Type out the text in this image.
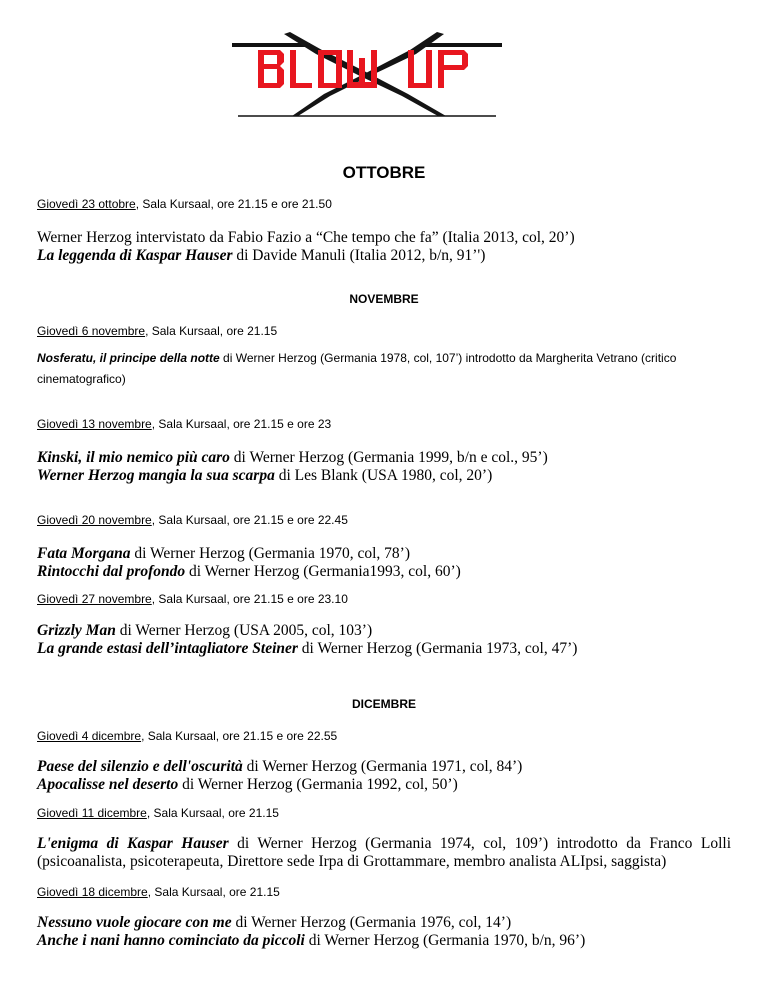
OTTOBRE
Giovedì 23 ottobre, Sala Kursaal, ore 21.15 e ore 21.50
Werner Herzog intervistato da Fabio Fazio a “Che tempo che fa” (Italia 2013, col, 20’)
La leggenda di Kaspar Hauser di Davide Manuli (Italia 2012, b/n, 91’')
NOVEMBRE
Giovedì 6 novembre, Sala Kursaal, ore 21.15
Nosferatu, il principe della notte di Werner Herzog (Germania 1978, col, 107’) introdotto da Margherita Vetrano (critico cinematografico)
Giovedì 13 novembre, Sala Kursaal, ore 21.15 e ore 23
Kinski, il mio nemico più caro di Werner Herzog (Germania 1999, b/n e col., 95’)
Werner Herzog mangia la sua scarpa di Les Blank (USA 1980, col, 20’)
Giovedì 20 novembre, Sala Kursaal, ore 21.15 e ore 22.45
Fata Morgana di Werner Herzog (Germania 1970, col, 78’)
Rintocchi dal profondo di Werner Herzog (Germania1993, col, 60’)
Giovedì 27 novembre, Sala Kursaal, ore 21.15 e ore 23.10
Grizzly Man di Werner Herzog (USA 2005, col, 103’)
La grande estasi dell’intagliatore Steiner di Werner Herzog (Germania 1973, col, 47’)
DICEMBRE
Giovedì 4 dicembre, Sala Kursaal, ore 21.15 e ore 22.55
Paese del silenzio e dell'oscurità di Werner Herzog (Germania 1971, col, 84’)
Apocalisse nel deserto di Werner Herzog (Germania 1992, col, 50’)
Giovedì 11 dicembre, Sala Kursaal, ore 21.15
L'enigma di Kaspar Hauser di Werner Herzog (Germania 1974, col, 109’) introdotto da Franco Lolli (psicoanalista, psicoterapeuta, Direttore sede Irpa di Grottammare, membro analista ALIpsi, saggista)
Giovedì 18 dicembre, Sala Kursaal, ore 21.15
Nessuno vuole giocare con me di Werner Herzog (Germania 1976, col, 14’)
Anche i nani hanno cominciato da piccoli di Werner Herzog (Germania 1970, b/n, 96’)
